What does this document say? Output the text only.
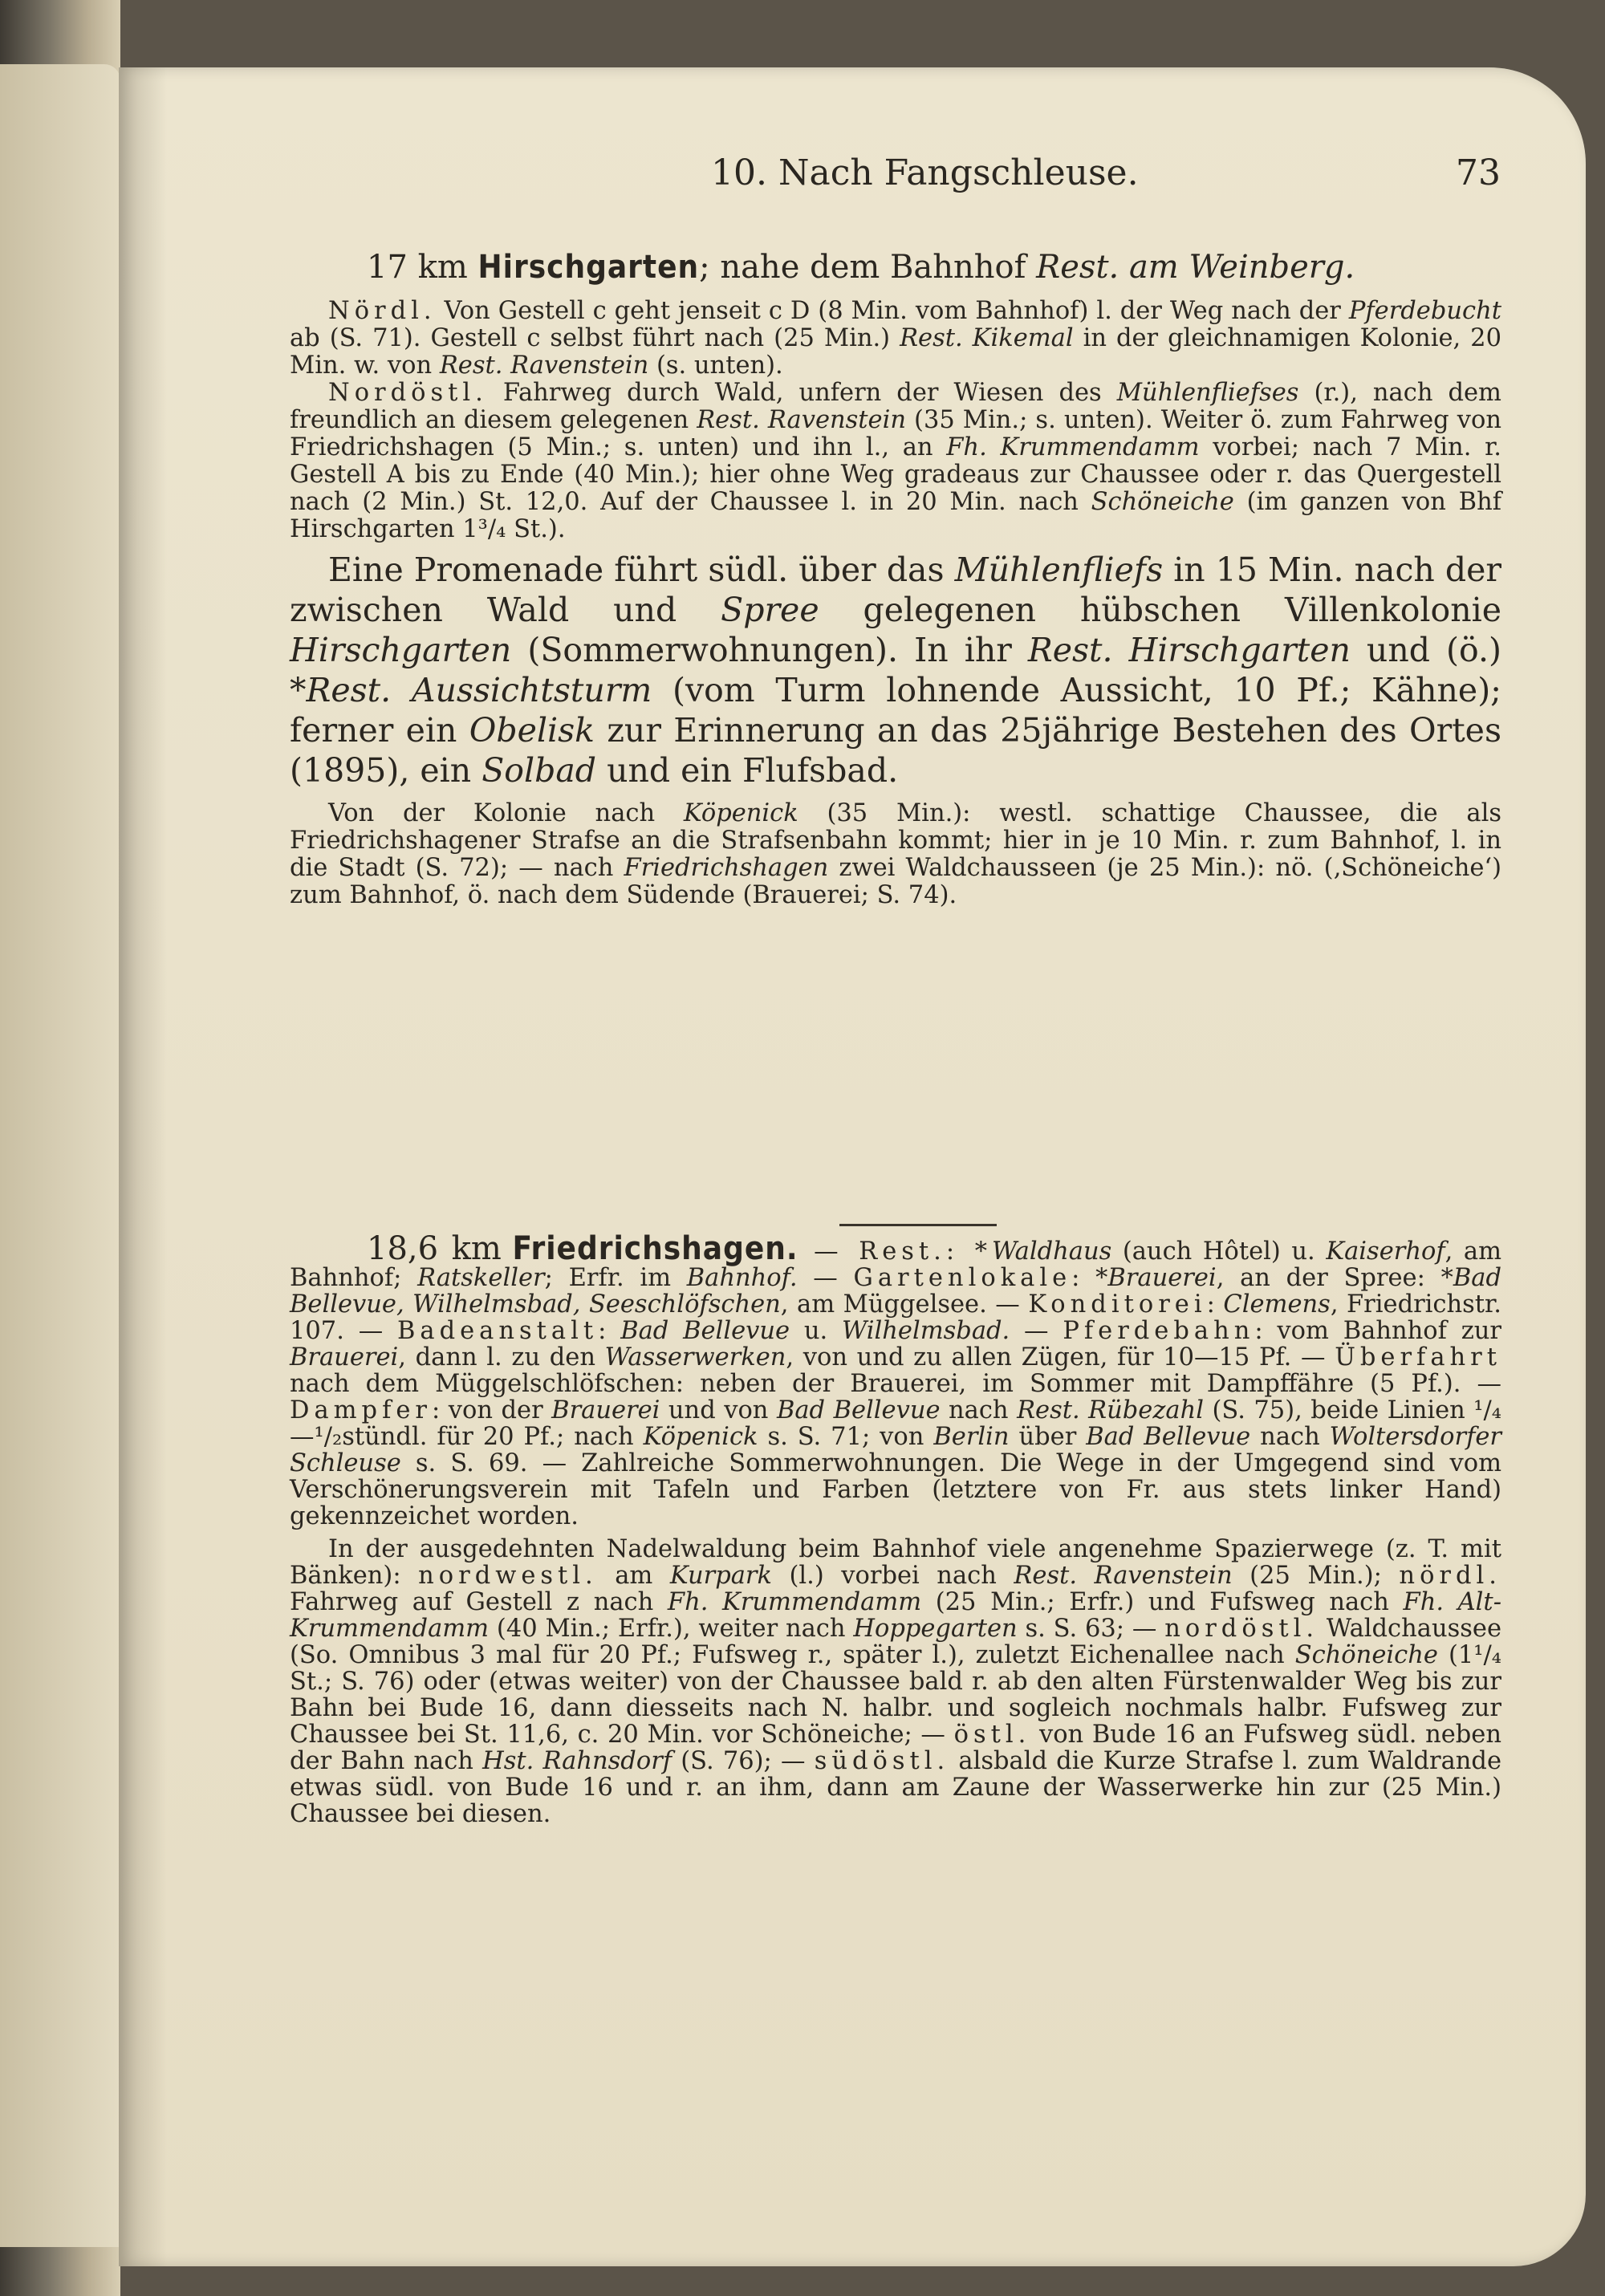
10. Nach Fangschleuse.	73

17 km Hirschgarten; nahe dem Bahnhof Rest. am Weinberg.

Nördl. Von Gestell c geht jenseit c D (8 Min. vom Bahnhof) l. der Weg nach der Pferdebucht ab (S. 71). Gestell c selbst führt nach (25 Min.) Rest. Kikemal in der gleichnamigen Kolonie, 20 Min. w. von Rest. Ravenstein (s. unten).

Nordöstl. Fahrweg durch Wald, unfern der Wiesen des Mühlenfliefses (r.), nach dem freundlich an diesem gelegenen Rest. Ravenstein (35 Min.; s. unten). Weiter ö. zum Fahrweg von Friedrichshagen (5 Min.; s. unten) und ihn l., an Fh. Krummendamm vorbei; nach 7 Min. r. Gestell A bis zu Ende (40 Min.); hier ohne Weg gradeaus zur Chaussee oder r. das Quergestell nach (2 Min.) St. 12,0. Auf der Chaussee l. in 20 Min. nach Schöneiche (im ganzen von Bhf Hirschgarten 1³/₄ St.).

Eine Promenade führt südl. über das Mühlenfliefs in 15 Min. nach der zwischen Wald und Spree gelegenen hübschen Villenkolonie Hirschgarten (Sommerwohnungen). In ihr Rest. Hirschgarten und (ö.) *Rest. Aussichtsturm (vom Turm lohnende Aussicht, 10 Pf.; Kähne); ferner ein Obelisk zur Erinnerung an das 25jährige Bestehen des Ortes (1895), ein Solbad und ein Flufsbad.

Von der Kolonie nach Köpenick (35 Min.): westl. schattige Chaussee, die als Friedrichshagener Strafse an die Strafsenbahn kommt; hier in je 10 Min. r. zum Bahnhof, l. in die Stadt (S. 72); — nach Friedrichshagen zwei Waldchausseen (je 25 Min.): nö. (‚Schöneiche‘) zum Bahnhof, ö. nach dem Südende (Brauerei; S. 74).

18,6 km Friedrichshagen. — Rest.: *Waldhaus (auch Hôtel) u. Kaiserhof, am Bahnhof; Ratskeller; Erfr. im Bahnhof. — Gartenlokale: *Brauerei, an der Spree: *Bad Bellevue, Wilhelmsbad, Seeschlöfschen, am Müggelsee. — Konditorei: Clemens, Friedrichstr. 107. — Badeanstalt: Bad Bellevue u. Wilhelmsbad. — Pferdebahn: vom Bahnhof zur Brauerei, dann l. zu den Wasserwerken, von und zu allen Zügen, für 10—15 Pf. — Überfahrt nach dem Müggelschlöfschen: neben der Brauerei, im Sommer mit Dampffähre (5 Pf.). — Dampfer: von der Brauerei und von Bad Bellevue nach Rest. Rübezahl (S. 75), beide Linien ¹/₄—¹/₂stündl. für 20 Pf.; nach Köpenick s. S. 71; von Berlin über Bad Bellevue nach Woltersdorfer Schleuse s. S. 69. — Zahlreiche Sommerwohnungen. Die Wege in der Umgegend sind vom Verschönerungsverein mit Tafeln und Farben (letztere von Fr. aus stets linker Hand) gekennzeichet worden.

In der ausgedehnten Nadelwaldung beim Bahnhof viele angenehme Spazierwege (z. T. mit Bänken): nordwestl. am Kurpark (l.) vorbei nach Rest. Ravenstein (25 Min.); nördl. Fahrweg auf Gestell z nach Fh. Krummendamm (25 Min.; Erfr.) und Fufsweg nach Fh. Alt-Krummendamm (40 Min.; Erfr.), weiter nach Hoppegarten s. S. 63; — nordöstl. Waldchaussee (So. Omnibus 3 mal für 20 Pf.; Fufsweg r., später l.), zuletzt Eichenallee nach Schöneiche (1¹/₄ St.; S. 76) oder (etwas weiter) von der Chaussee bald r. ab den alten Fürstenwalder Weg bis zur Bahn bei Bude 16, dann diesseits nach N. halbr. und sogleich nochmals halbr. Fufsweg zur Chaussee bei St. 11,6, c. 20 Min. vor Schöneiche; — östl. von Bude 16 an Fufsweg südl. neben der Bahn nach Hst. Rahnsdorf (S. 76); — südöstl. alsbald die Kurze Strafse l. zum Waldrande etwas südl. von Bude 16 und r. an ihm, dann am Zaune der Wasserwerke hin zur (25 Min.) Chaussee bei diesen.
